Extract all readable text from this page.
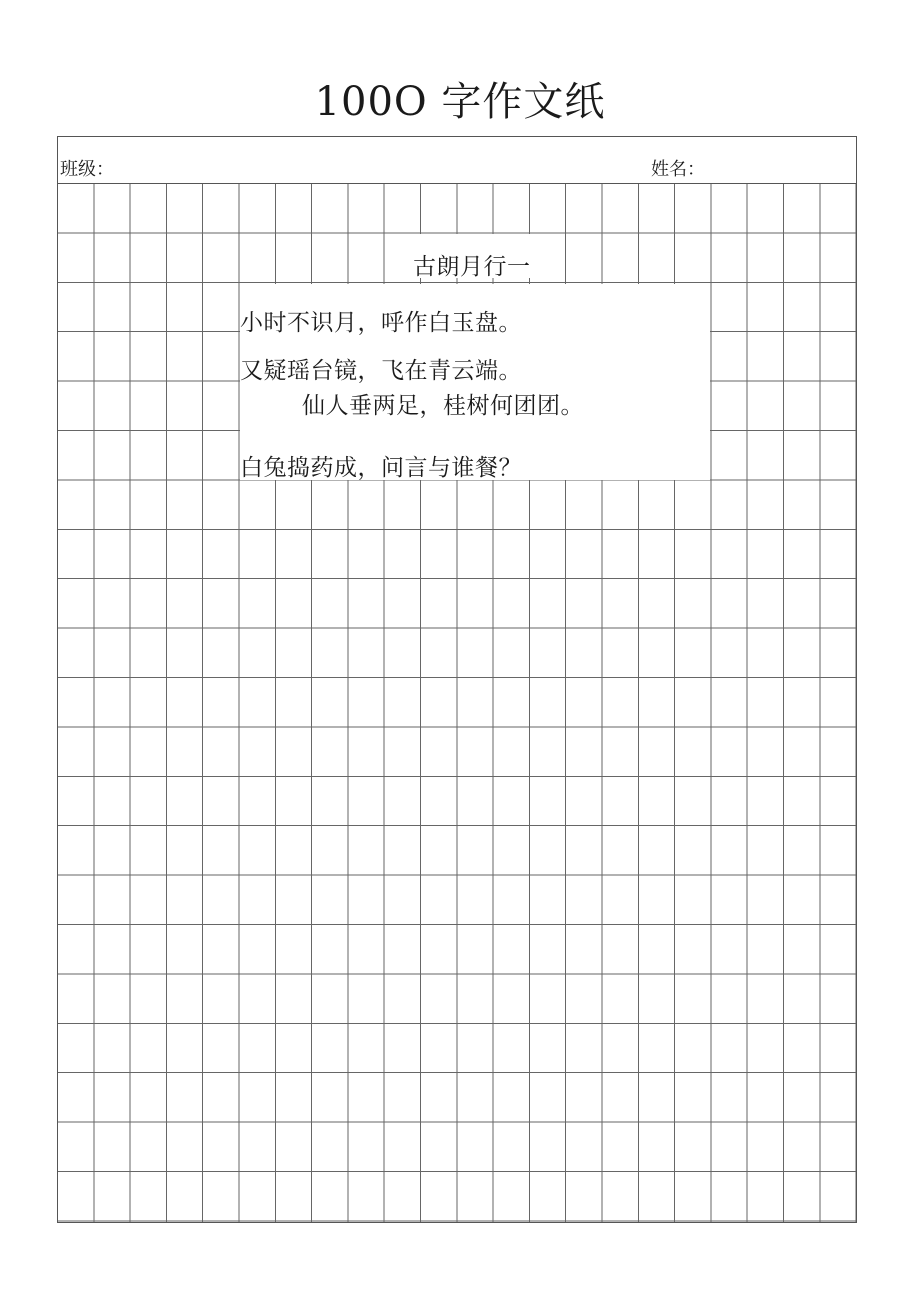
100O 字作文纸
班级：	姓名：
古朗月行一
小时不识月，呼作白玉盘。
又疑瑶台镜，飞在青云端。
仙人垂两足，桂树何团团。
白兔捣药成，问言与谁餐？
